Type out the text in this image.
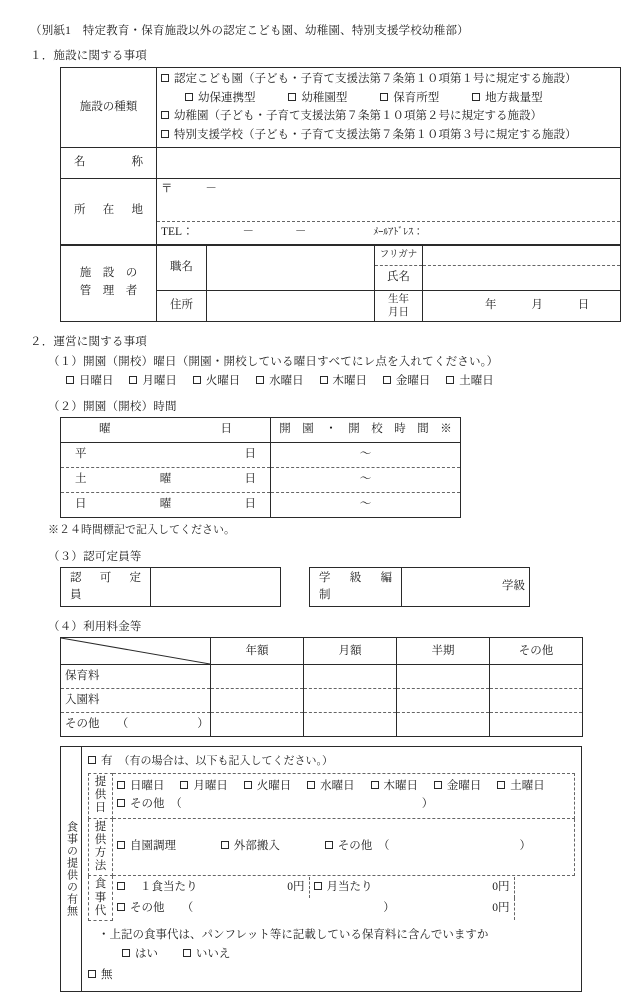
（別紙1　特定教育・保育施設以外の認定こども園、幼稚園、特別支援学校幼稚部）
１．施設に関する事項
施設の種類	認定こども園（子ども・子育て支援法第７条第１０項第１号に規定する施設）
幼保連携型 幼稚園型 保育所型 地方裁量型
幼稚園（子ども・子育て支援法第７条第１０項第２号に規定する施設）
特別支援学校（子ども・子育て支援法第７条第１０項第３号に規定する施設）

名　　称	

所　在　地	〒 －
	TEL： － － ﾒｰﾙｱﾄﾞﾚｽ：
施　設　の
管　理　者	職名		フリガナ	
			氏名	
	住所		生年
月日	年 月 日
２．運営に関する事項
（１）開園（開校）曜日（開園・開校している曜日すべてにレ点を入れてください。）
日曜日	月曜日	火曜日	水曜日	木曜日	金曜日	土曜日
（２）開園（開校）時間
曜　　　　　日	開　園　・　開　校　時　間　※

平　　　　　日	～

土　　曜　　日	～

日　　曜　　日	～
※２４時間標記で記入してください。
（３）認可定員等
認　可　定　員

学　級　編　制
	学級
（４）利用料金等
	年額	月額	半期	その他
保育料				
入園料				
その他　　（　　　　　　）				
食事の提供の有無
有 （有の場合は、以下も記入してください。）
提
供
日

日曜日	月曜日	火曜日	水曜日	木曜日	金曜日	土曜日
その他　（	）

提供
方法

自園調理	外部搬入	その他　（	）

食
事
代

１食当たり	0円	月当たり	0円

その他　　（	）	0円

・上記の食事代は、パンフレット等に記載している保育料に含んでいますか
はい	いいえ
無
